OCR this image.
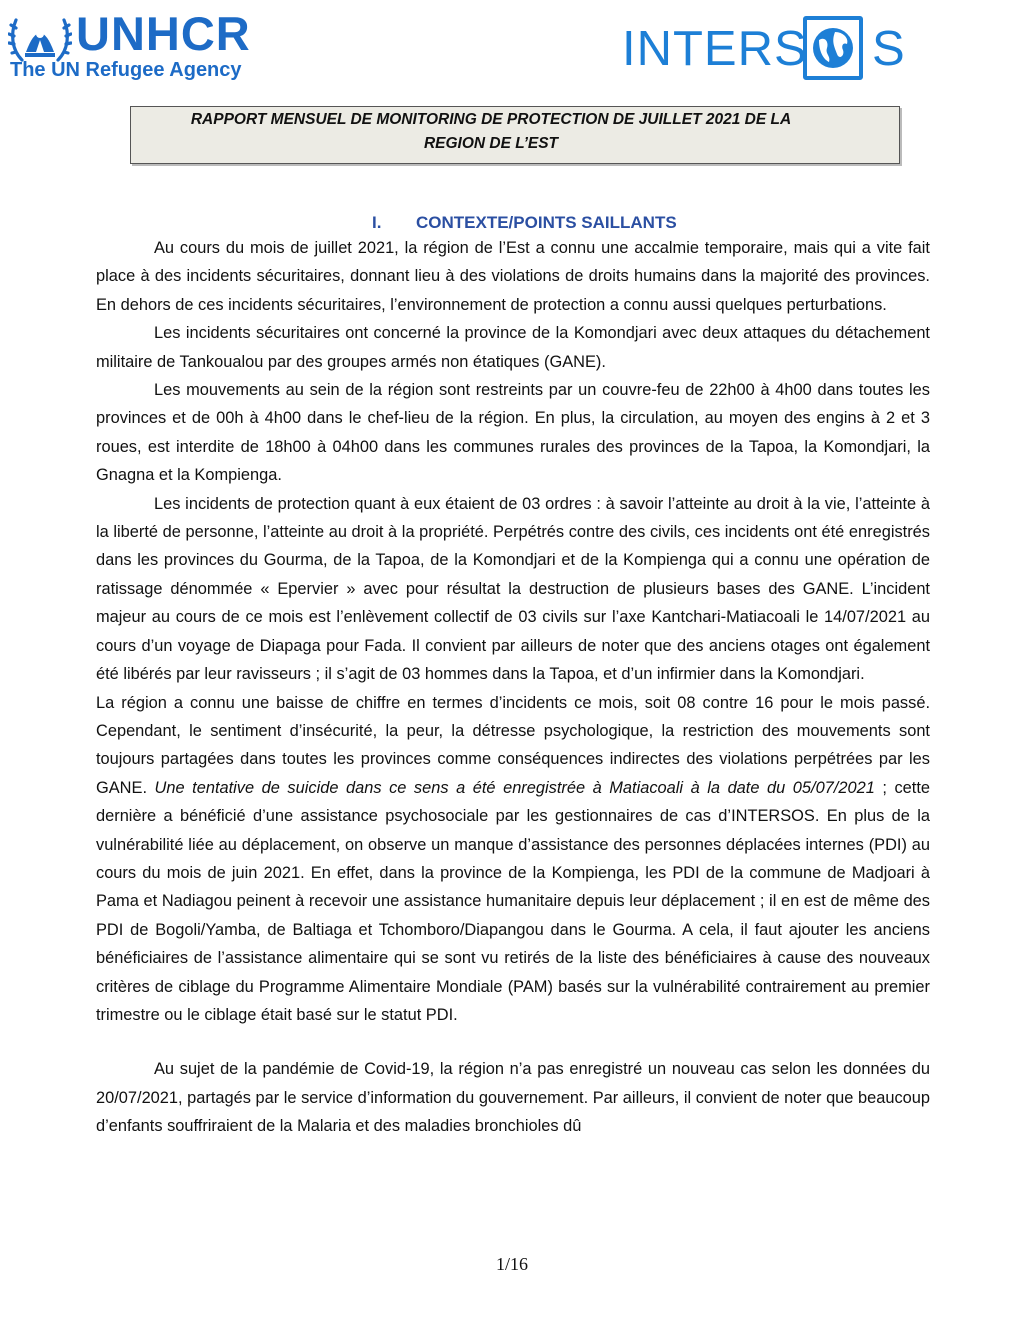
UNHCR
The UN Refugee Agency	INTERS S
RAPPORT MENSUEL DE MONITORING DE PROTECTION DE JUILLET 2021 DE LA
REGION DE L’EST
I. CONTEXTE/POINTS SAILLANTS

Au cours du mois de juillet 2021, la région de l’Est a connu une accalmie temporaire, mais qui a vite fait place à des incidents sécuritaires, donnant lieu à des violations de droits humains dans la majorité des provinces. En dehors de ces incidents sécuritaires, l’environnement de protection a connu aussi quelques perturbations.

Les incidents sécuritaires ont concerné la province de la Komondjari avec deux attaques du détachement militaire de Tankoualou par des groupes armés non étatiques (GANE).

Les mouvements au sein de la région sont restreints par un couvre-feu de 22h00 à 4h00 dans toutes les provinces et de 00h à 4h00 dans le chef-lieu de la région. En plus, la circulation, au moyen des engins à 2 et 3 roues, est interdite de 18h00 à 04h00 dans les communes rurales des provinces de la Tapoa, la Komondjari, la Gnagna et la Kompienga.

Les incidents de protection quant à eux étaient de 03 ordres : à savoir l’atteinte au droit à la vie, l’atteinte à la liberté de personne, l’atteinte au droit à la propriété. Perpétrés contre des civils, ces incidents ont été enregistrés dans les provinces du Gourma, de la Tapoa, de la Komondjari et de la Kompienga qui a connu une opération de ratissage dénommée « Epervier » avec pour résultat la destruction de plusieurs bases des GANE. L’incident majeur au cours de ce mois est l’enlèvement collectif de 03 civils sur l’axe Kantchari-Matiacoali le 14/07/2021 au cours d’un voyage de Diapaga pour Fada. Il convient par ailleurs de noter que des anciens otages ont également été libérés par leur ravisseurs ; il s’agit de 03 hommes dans la Tapoa, et d’un infirmier dans la Komondjari.

La région a connu une baisse de chiffre en termes d’incidents ce mois, soit 08 contre 16 pour le mois passé. Cependant, le sentiment d’insécurité, la peur, la détresse psychologique, la restriction des mouvements sont toujours partagées dans toutes les provinces comme conséquences indirectes des violations perpétrées par les GANE. Une tentative de suicide dans ce sens a été enregistrée à Matiacoali à la date du 05/07/2021 ; cette dernière a bénéficié d’une assistance psychosociale par les gestionnaires de cas d’INTERSOS. En plus de la vulnérabilité liée au déplacement, on observe un manque d’assistance des personnes déplacées internes (PDI) au cours du mois de juin 2021. En effet, dans la province de la Kompienga, les PDI de la commune de Madjoari à Pama et Nadiagou peinent à recevoir une assistance humanitaire depuis leur déplacement ; il en est de même des PDI de Bogoli/Yamba, de Baltiaga et Tchomboro/Diapangou dans le Gourma. A cela, il faut ajouter les anciens bénéficiaires de l’assistance alimentaire qui se sont vu retirés de la liste des bénéficiaires à cause des nouveaux critères de ciblage du Programme Alimentaire Mondiale (PAM) basés sur la vulnérabilité contrairement au premier trimestre ou le ciblage était basé sur le statut PDI.

Au sujet de la pandémie de Covid-19, la région n’a pas enregistré un nouveau cas selon les données du 20/07/2021, partagés par le service d’information du gouvernement. Par ailleurs, il convient de noter que beaucoup d’enfants souffriraient de la Malaria et des maladies bronchioles dû

1/16
